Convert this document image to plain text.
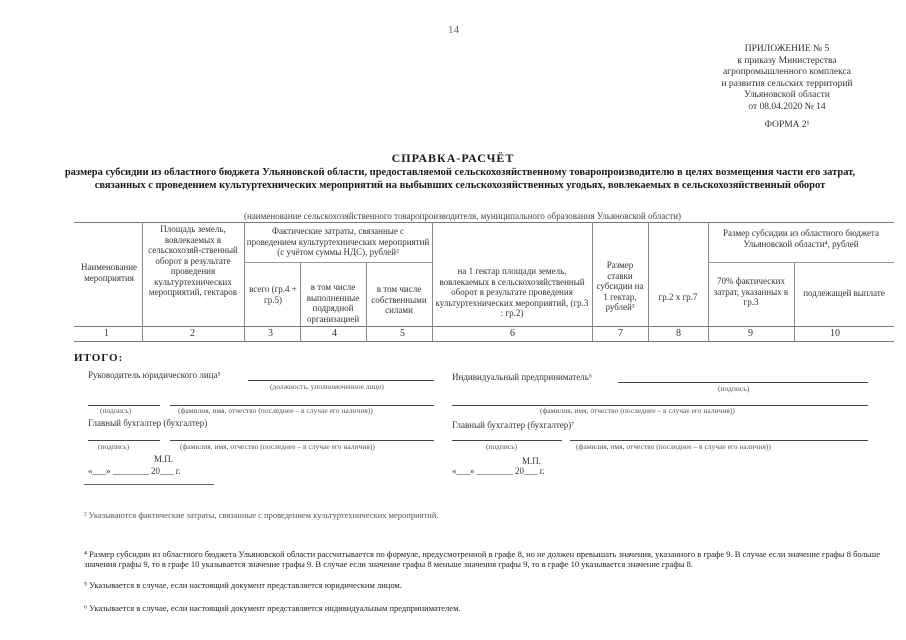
14
ПРИЛОЖЕНИЕ № 5
к приказу Министерства
агропромышленного комплекса
и развития сельских территорий
Ульяновской области
от 08.04.2020 № 14
ФОРМА 2¹
СПРАВКА-РАСЧЁТ
размера субсидии из областного бюджета Ульяновской области, предоставляемой сельскохозяйственному товаропроизводителю в целях возмещения части его затрат, связанных с проведением культуртехнических мероприятий на выбывших сельскохозяйственных угодьях, вовлекаемых в сельскохозяйственный оборот
(наименование сельскохозяйственного товаропроизводителя, муниципального образования Ульяновской области)
Наименование мероприятия
Площадь земель, вовлекаемых в сельскохозяй-ственный оборот в результате проведения культуртехнических мероприятий, гектаров
Фактические затраты, связанные с проведением культуртехнических мероприятий (с учётом суммы НДС), рублей²
всего (гр.4 + гр.5)
в том числе выполненные подрядной организацией
в том числе собственными силами
на 1 гектар площади земель, вовлекаемых в сельскохозяйственный оборот в результате проведения культуртехнических мероприятий, (гр.3 : гр.2)
Размер ставки субсидии на 1 гектар, рублей³
гр.2 х гр.7
Размер субсидии из областного бюджета Ульяновской области⁴, рублей
70% фактических затрат, указанных в гр.3
подлежащей выплате
1	2	3	4	5	6	7	8	9	10
ИТОГО:
Руководитель юридического лица⁵
(должность, уполномоченное лицо)
(подпись)	(фамилия, имя, отчество (последнее – в случае его наличия))
Индивидуальный предприниматель⁶
(подпись)
(фамилия, имя, отчество (последнее – в случае его наличия))
Главный бухгалтер (бухгалтер)
(подпись)	(фамилия, имя, отчество (последнее – в случае его наличия))
М.П.
«___» ________ 20___ г.
Главный бухгалтер (бухгалтер)⁷
(подпись)	(фамилия, имя, отчество (последнее – в случае его наличия))
М.П.
«___» ________ 20___ г.
² Указываются фактические затраты, связанные с проведением культуртехнических мероприятий.
⁴ Размер субсидии из областного бюджета Ульяновской области рассчитывается по формуле, предусмотренной в графе 8, но не должен превышать значения, указанного в графе 9. В случае если значение графы 8 больше значения графы 9, то в графе 10 указывается значение графы 9. В случае если значение графы 8 меньше значения графы 9, то в графе 10 указывается значение графы 8.
⁵ Указывается в случае, если настоящий документ представляется юридическим лицом.
⁶ Указывается в случае, если настоящий документ представляется индивидуальным предпринимателем.
